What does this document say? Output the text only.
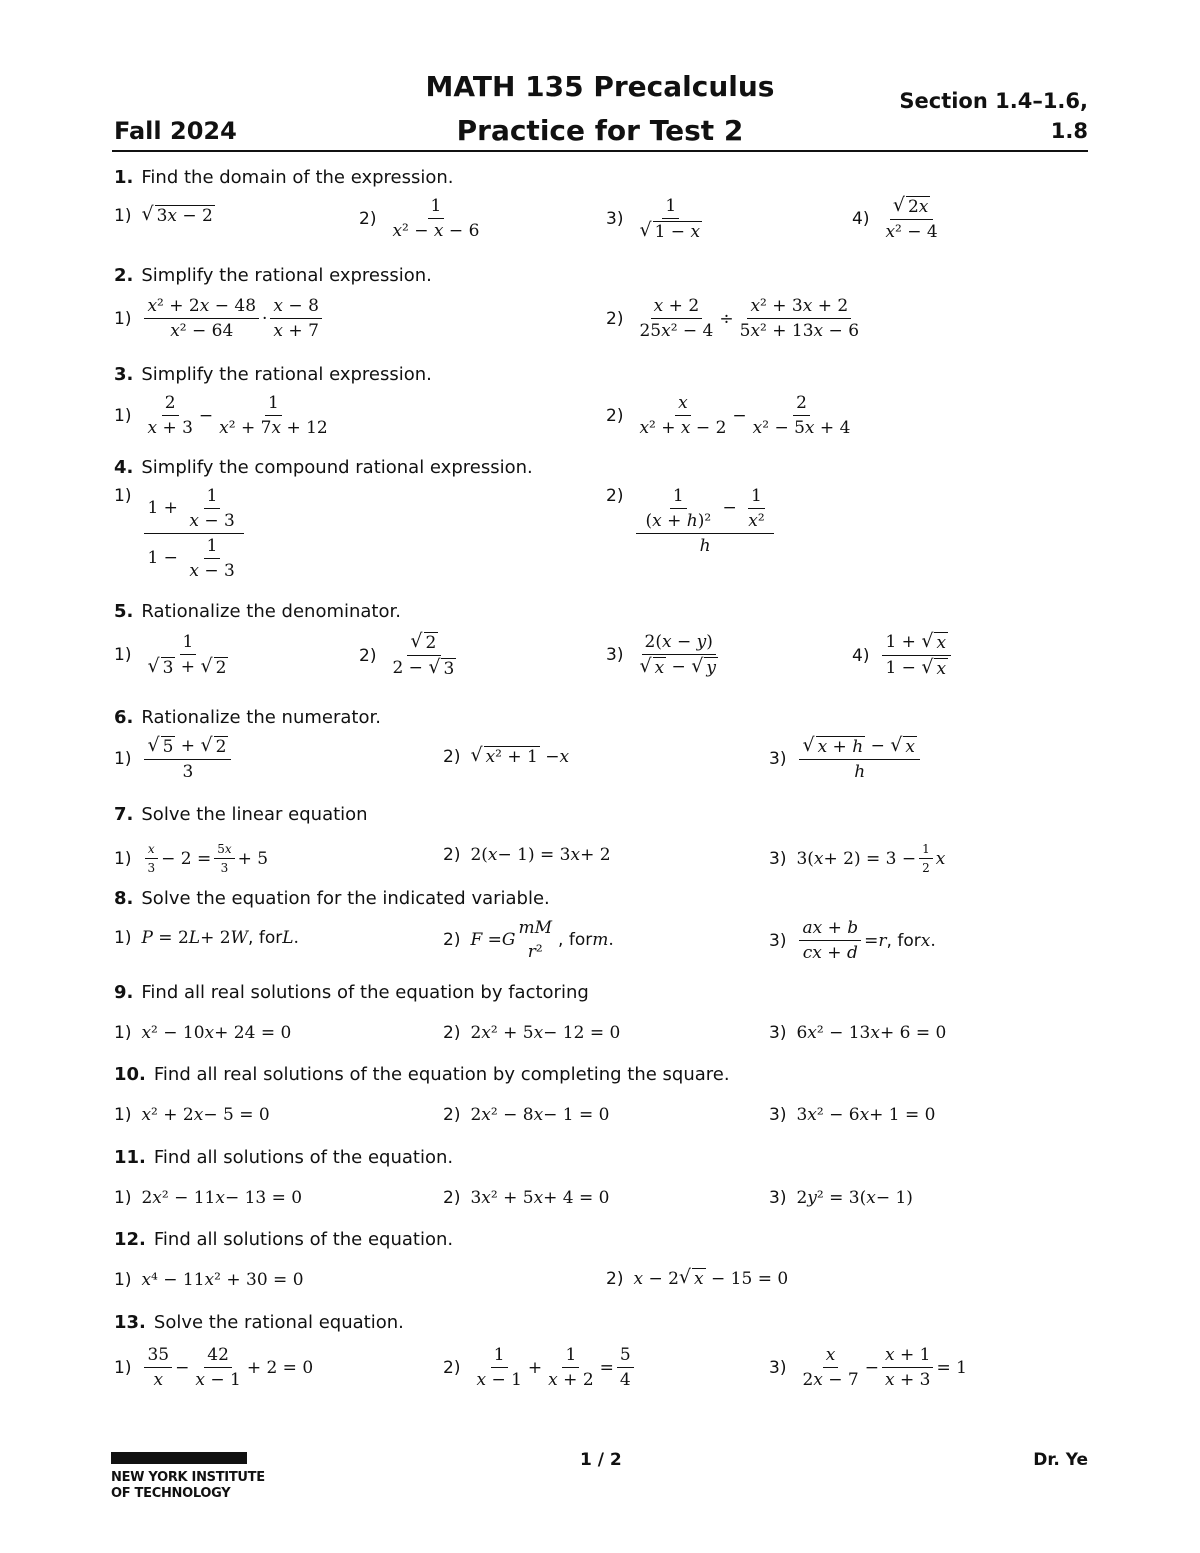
Fall 2024
MATH 135 Precalculus
Practice for Test 2
Section 1.4–1.6,
1.8
1. Find the domain of the expression.
1) √ 3x − 2	$2) \frac{1}{\text{x² − x − 6}}$	$3) \frac{1}{√ 1 - x}$	$4) \frac{√ 2x}{\text{x² − 4}}$
2. Simplify the rational expression.
$1) \frac{\text{x² + 2x − 48}}{\text{x² − 64}} \cdot \frac{x - 8}{x + 7}$	$2) \frac{x + 2}{\text{25x² − 4}} \div \frac{\text{x² + 3x + 2}}{\text{5x² + 13x − 6}}$
3. Simplify the rational expression.
$1) \frac{2}{x + 3} - \frac{1}{\text{x² + 7x + 12}}$	$2) \frac{x}{\text{x² + x − 2}} - \frac{2}{\text{x² − 5x + 4}}$
4. Simplify the compound rational expression.
$1) \frac{1 + \frac{1}{x - 3}}{1 - \frac{1}{x - 3}}$	$2) \frac{\frac{1}{\text{(x + h)²}} - \frac{1}{\text{x²}}}{h}$
5. Rationalize the denominator.
$1) \frac{1}{√ 3 + √ 2}$	$2) \frac{√ 2}{2 - √ 3}$	$3) \frac{2(x - y)}{√ x - √ y}$	$4) \frac{1 + √ x}{1 - √ x}$
6. Rationalize the numerator.
$1) \frac{√ 5 + √ 2}{3}$	2) √ x² + 1 − x	$3) \frac{√ x + h - √ x}{h}$
7. Solve the linear equation
$1) \frac{x}{3} - 2 = \frac{5x}{3} + 5$	2) 2( x − 1) = 3 x + 2	3) 3( $x + 2) = 3 - \frac{1}{2}$ x
8. Solve the equation for the indicated variable.
1) P = 2 L + 2 W , for L .	2) F = G
mM
r²
, for m .	$3) \frac{ax + b}{cx + d} = r$ , for x .
9. Find all real solutions of the equation by factoring
1) x ² − 10 x + 24 = 0	2) 2 x ² + 5 x − 12 = 0	3) 6 x ² − 13 x + 6 = 0
10. Find all real solutions of the equation by completing the square.
1) x ² + 2 x − 5 = 0	2) 2 x ² − 8 x − 1 = 0	3) 3 x ² − 6 x + 1 = 0
11. Find all solutions of the equation.
1) 2 x ² − 11 x − 13 = 0	2) 3 x ² + 5 x + 4 = 0	3) 2 y ² = 3( x − 1)
12. Find all solutions of the equation.
1) x ⁴ − 11 x ² + 30 = 0	2) x − 2 √ x − 15 = 0
13. Solve the rational equation.
$1) \frac{35}{x} - \frac{42}{x - 1} + 2 = 0$	$2) \frac{1}{x - 1} + \frac{1}{x + 2} = \frac{5}{4}$	$3) \frac{x}{2x - 7} - \frac{x + 1}{x + 3} = 1$
NEW YORK INSTITUTE
OF TECHNOLOGY
1 / 2	Dr. Ye
